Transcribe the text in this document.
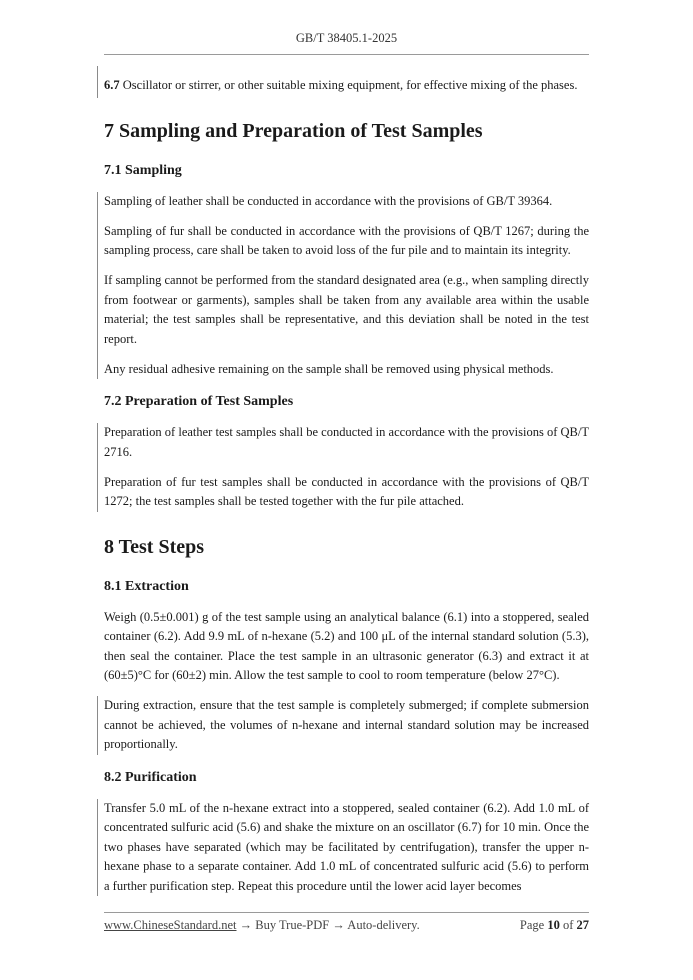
GB/T 38405.1-2025

6.7 Oscillator or stirrer, or other suitable mixing equipment, for effective mixing of the phases.

7 Sampling and Preparation of Test Samples
7.1 Sampling

Sampling of leather shall be conducted in accordance with the provisions of GB/T 39364.

Sampling of fur shall be conducted in accordance with the provisions of QB/T 1267; during the sampling process, care shall be taken to avoid loss of the fur pile and to maintain its integrity.

If sampling cannot be performed from the standard designated area (e.g., when sampling directly from footwear or garments), samples shall be taken from any available area within the usable material; the test samples shall be representative, and this deviation shall be noted in the test report.

Any residual adhesive remaining on the sample shall be removed using physical methods.

7.2 Preparation of Test Samples

Preparation of leather test samples shall be conducted in accordance with the provisions of QB/T 2716.

Preparation of fur test samples shall be conducted in accordance with the provisions of QB/T 1272; the test samples shall be tested together with the fur pile attached.

8 Test Steps
8.1 Extraction

Weigh (0.5±0.001) g of the test sample using an analytical balance (6.1) into a stoppered, sealed container (6.2). Add 9.9 mL of n-hexane (5.2) and 100 μL of the internal standard solution (5.3), then seal the container. Place the test sample in an ultrasonic generator (6.3) and extract it at (60±5)°C for (60±2) min. Allow the test sample to cool to room temperature (below 27°C).

During extraction, ensure that the test sample is completely submerged; if complete submersion cannot be achieved, the volumes of n-hexane and internal standard solution may be increased proportionally.

8.2 Purification

Transfer 5.0 mL of the n-hexane extract into a stoppered, sealed container (6.2). Add 1.0 mL of concentrated sulfuric acid (5.6) and shake the mixture on an oscillator (6.7) for 10 min. Once the two phases have separated (which may be facilitated by centrifugation), transfer the upper n-hexane phase to a separate container. Add 1.0 mL of concentrated sulfuric acid (5.6) to perform a further purification step. Repeat this procedure until the lower acid layer becomes

www.ChineseStandard.net → Buy True-PDF → Auto-delivery.	Page 10 of 27
